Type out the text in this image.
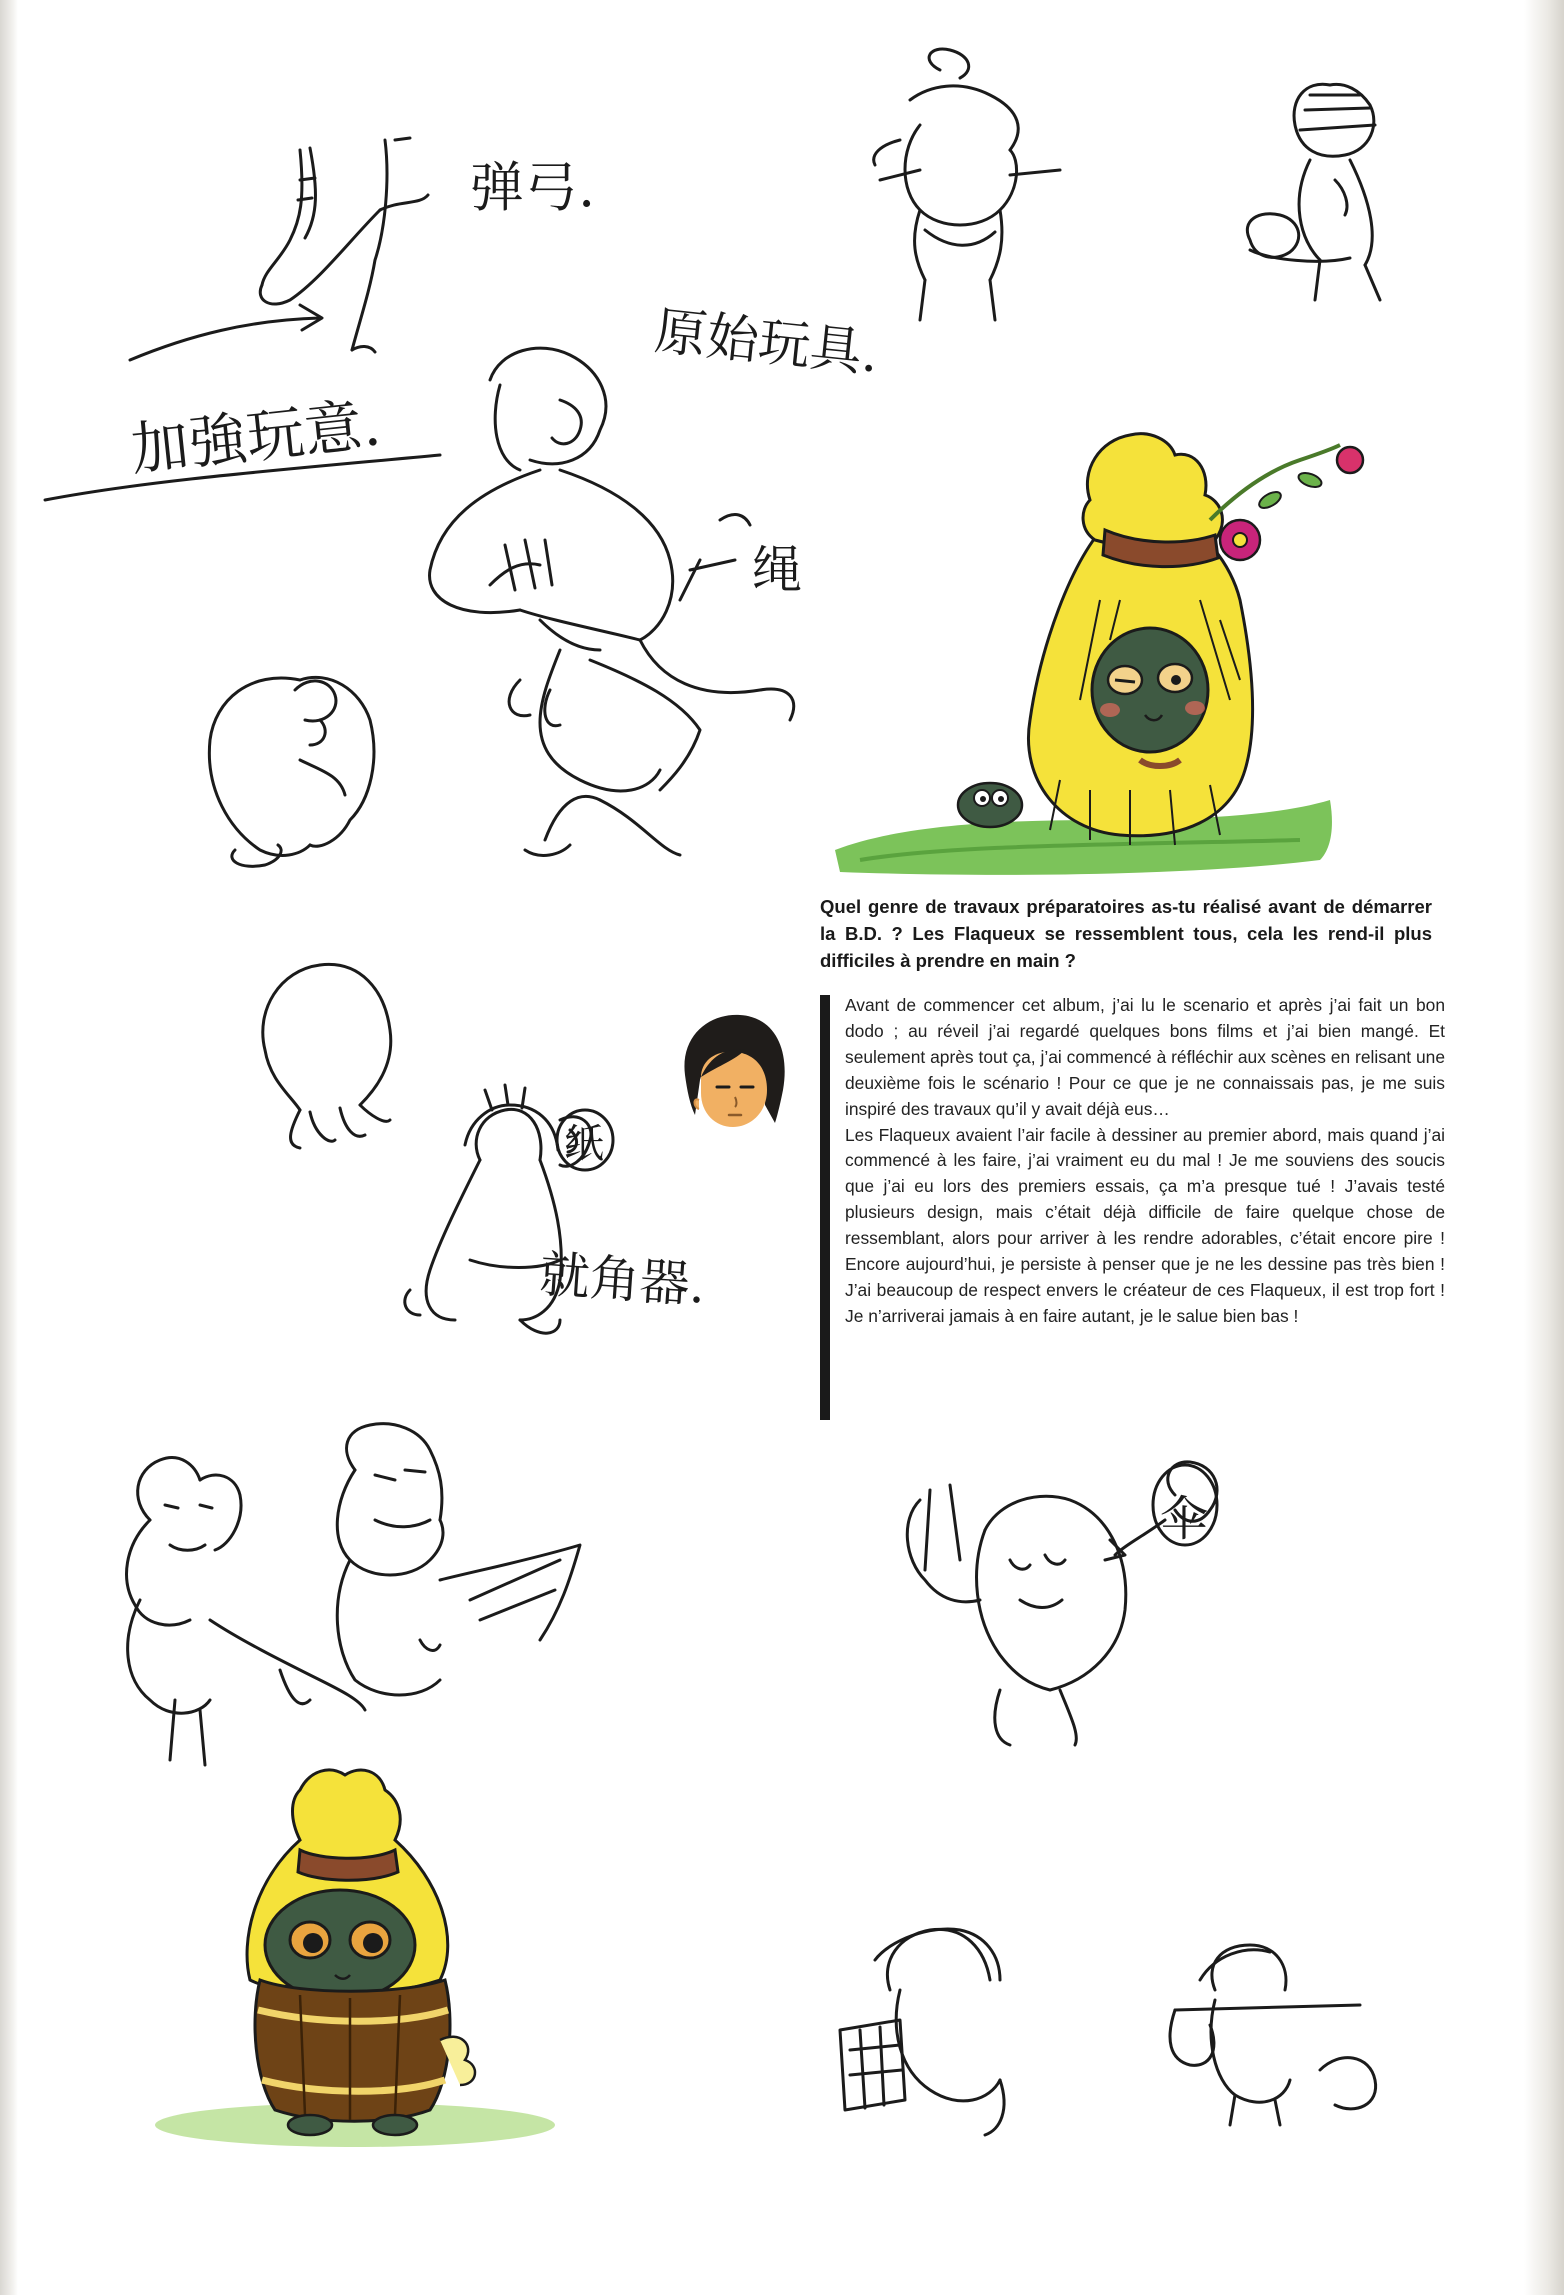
弹弓.
加強玩意.
原始玩具.
绳
纸
就角器.
伞

Quel genre de travaux préparatoires as-tu réalisé avant de démarrer la B.D. ? Les Flaqueux se ressemblent tous, cela les rend-il plus difficiles à prendre en main ?

Avant de commencer cet album, j’ai lu le scenario et après j’ai fait un bon dodo ; au réveil j’ai regardé quelques bons films et j’ai bien mangé. Et seulement après tout ça, j’ai commencé à réfléchir aux scènes en relisant une deuxième fois le scénario ! Pour ce que je ne connaissais pas, je me suis inspiré des travaux qu’il y avait déjà eus…

Les Flaqueux avaient l’air facile à dessiner au premier abord, mais quand j’ai commencé à les faire, j’ai vraiment eu du mal ! Je me souviens des soucis que j’ai eu lors des premiers essais, ça m’a presque tué ! J’avais testé plusieurs design, mais c’était déjà difficile de faire quelque chose de ressemblant, alors pour arriver à les rendre adorables, c’était encore pire ! Encore aujourd’hui, je persiste à penser que je ne les dessine pas très bien ! J’ai beaucoup de respect envers le créateur de ces Flaqueux, il est trop fort ! Je n’arriverai jamais à en faire autant, je le salue bien bas !
